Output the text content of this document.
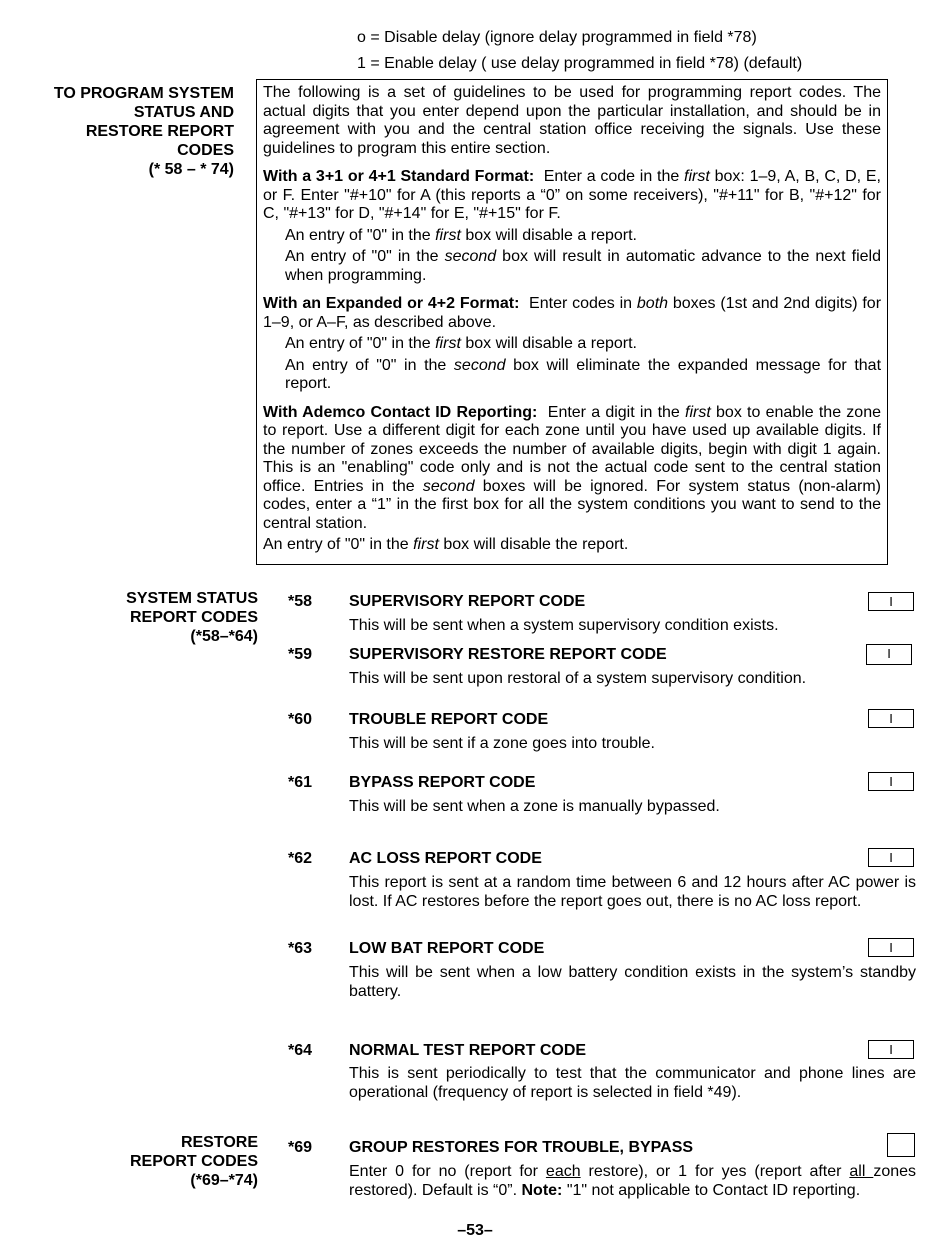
o = Disable delay (ignore delay programmed in field *78)
1 = Enable delay ( use delay programmed in field *78) (default)
TO PROGRAM SYSTEM
STATUS AND
RESTORE REPORT
CODES
(* 58 – * 74)

The following is a set of guidelines to be used for programming report codes. The actual digits that you enter depend upon the particular installation, and should be in agreement with you and the central station office receiving the signals. Use these guidelines to program this entire section.

With a 3+1 or 4+1 Standard Format: Enter a code in the first box: 1–9, A, B, C, D, E, or F. Enter "#+10" for A (this reports a “0” on some receivers), "#+11" for B, "#+12" for C, "#+13" for D, "#+14" for E, "#+15" for F.

An entry of "0" in the first box will disable a report.
An entry of "0" in the second box will result in automatic advance to the next field when programming.

With an Expanded or 4+2 Format: Enter codes in both boxes (1st and 2nd digits) for 1–9, or A–F, as described above.

An entry of "0" in the first box will disable a report.
An entry of "0" in the second box will eliminate the expanded message for that report.

With Ademco Contact ID Reporting: Enter a digit in the first box to enable the zone to report. Use a different digit for each zone until you have used up available digits. If the number of zones exceeds the number of available digits, begin with digit 1 again. This is an "enabling" code only and is not the actual code sent to the central station office. Entries in the second boxes will be ignored. For system status (non-alarm) codes, enter a “1” in the first box for all the system conditions you want to send to the central station.

An entry of "0" in the first box will disable the report.

SYSTEM STATUS
REPORT CODES
(*58–*64)
*58 SUPERVISORY REPORT CODE
This will be sent when a system supervisory condition exists.
I
*59 SUPERVISORY RESTORE REPORT CODE
This will be sent upon restoral of a system supervisory condition.
I
*60 TROUBLE REPORT CODE
This will be sent if a zone goes into trouble.
I
*61 BYPASS REPORT CODE
This will be sent when a zone is manually bypassed.
I
*62 AC LOSS REPORT CODE
This report is sent at a random time between 6 and 12 hours after AC power is lost. If AC restores before the report goes out, there is no AC loss report.
I
*63 LOW BAT REPORT CODE
This will be sent when a low battery condition exists in the system’s standby battery.
I
*64 NORMAL TEST REPORT CODE
This is sent periodically to test that the communicator and phone lines are operational (frequency of report is selected in field *49).
I
RESTORE
REPORT CODES
(*69–*74)
*69 GROUP RESTORES FOR TROUBLE, BYPASS
Enter 0 for no (report for each restore), or 1 for yes (report after all zones restored). Default is “0”. Note: "1" not applicable to Contact ID reporting.
–53–
